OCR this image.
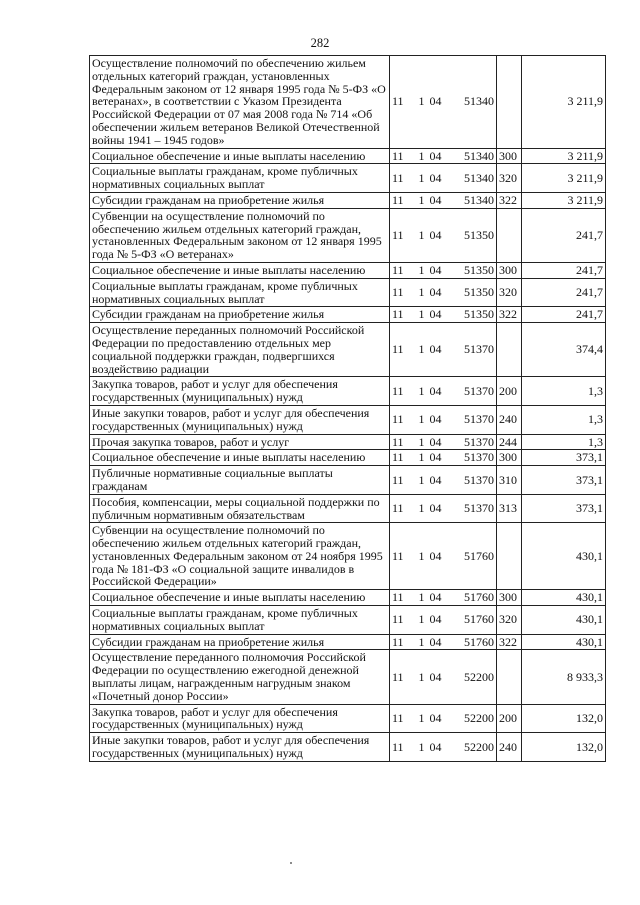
282
Осуществление полномочий по обеспечению жильем отдельных категорий граждан, установленных Федеральным законом от 12 января 1995 года № 5-ФЗ «О ветеранах», в соответствии с Указом Президента Российской Федерации от 07 мая 2008 года № 714 «Об обеспечении жильем ветеранов Великой Отечественной войны 1941 – 1945 годов»	11	1	04	51340		3 211,9
Социальное обеспечение и иные выплаты населению	11	1	04	51340	300	3 211,9
Социальные выплаты гражданам, кроме публичных нормативных социальных выплат	11	1	04	51340	320	3 211,9
Субсидии гражданам на приобретение жилья	11	1	04	51340	322	3 211,9
Субвенции на осуществление полномочий по обеспечению жильем отдельных категорий граждан, установленных Федеральным законом от 12 января 1995 года № 5-ФЗ «О ветеранах»	11	1	04	51350		241,7
Социальное обеспечение и иные выплаты населению	11	1	04	51350	300	241,7
Социальные выплаты гражданам, кроме публичных нормативных социальных выплат	11	1	04	51350	320	241,7
Субсидии гражданам на приобретение жилья	11	1	04	51350	322	241,7
Осуществление переданных полномочий Российской Федерации по предоставлению отдельных мер социальной поддержки граждан, подвергшихся воздействию радиации	11	1	04	51370		374,4
Закупка товаров, работ и услуг для обеспечения государственных (муниципальных) нужд	11	1	04	51370	200	1,3
Иные закупки товаров, работ и услуг для обеспечения государственных (муниципальных) нужд	11	1	04	51370	240	1,3
Прочая закупка товаров, работ и услуг	11	1	04	51370	244	1,3
Социальное обеспечение и иные выплаты населению	11	1	04	51370	300	373,1
Публичные нормативные социальные выплаты гражданам	11	1	04	51370	310	373,1
Пособия, компенсации, меры социальной поддержки по публичным нормативным обязательствам	11	1	04	51370	313	373,1
Субвенции на осуществление полномочий по обеспечению жильем отдельных категорий граждан, установленных Федеральным законом от 24 ноября 1995 года № 181-ФЗ «О социальной защите инвалидов в Российской Федерации»	11	1	04	51760		430,1
Социальное обеспечение и иные выплаты населению	11	1	04	51760	300	430,1
Социальные выплаты гражданам, кроме публичных нормативных социальных выплат	11	1	04	51760	320	430,1
Субсидии гражданам на приобретение жилья	11	1	04	51760	322	430,1
Осуществление переданного полномочия Российской Федерации по осуществлению ежегодной денежной выплаты лицам, награжденным нагрудным знаком «Почетный донор России»	11	1	04	52200		8 933,3
Закупка товаров, работ и услуг для обеспечения государственных (муниципальных) нужд	11	1	04	52200	200	132,0
Иные закупки товаров, работ и услуг для обеспечения государственных (муниципальных) нужд	11	1	04	52200	240	132,0
